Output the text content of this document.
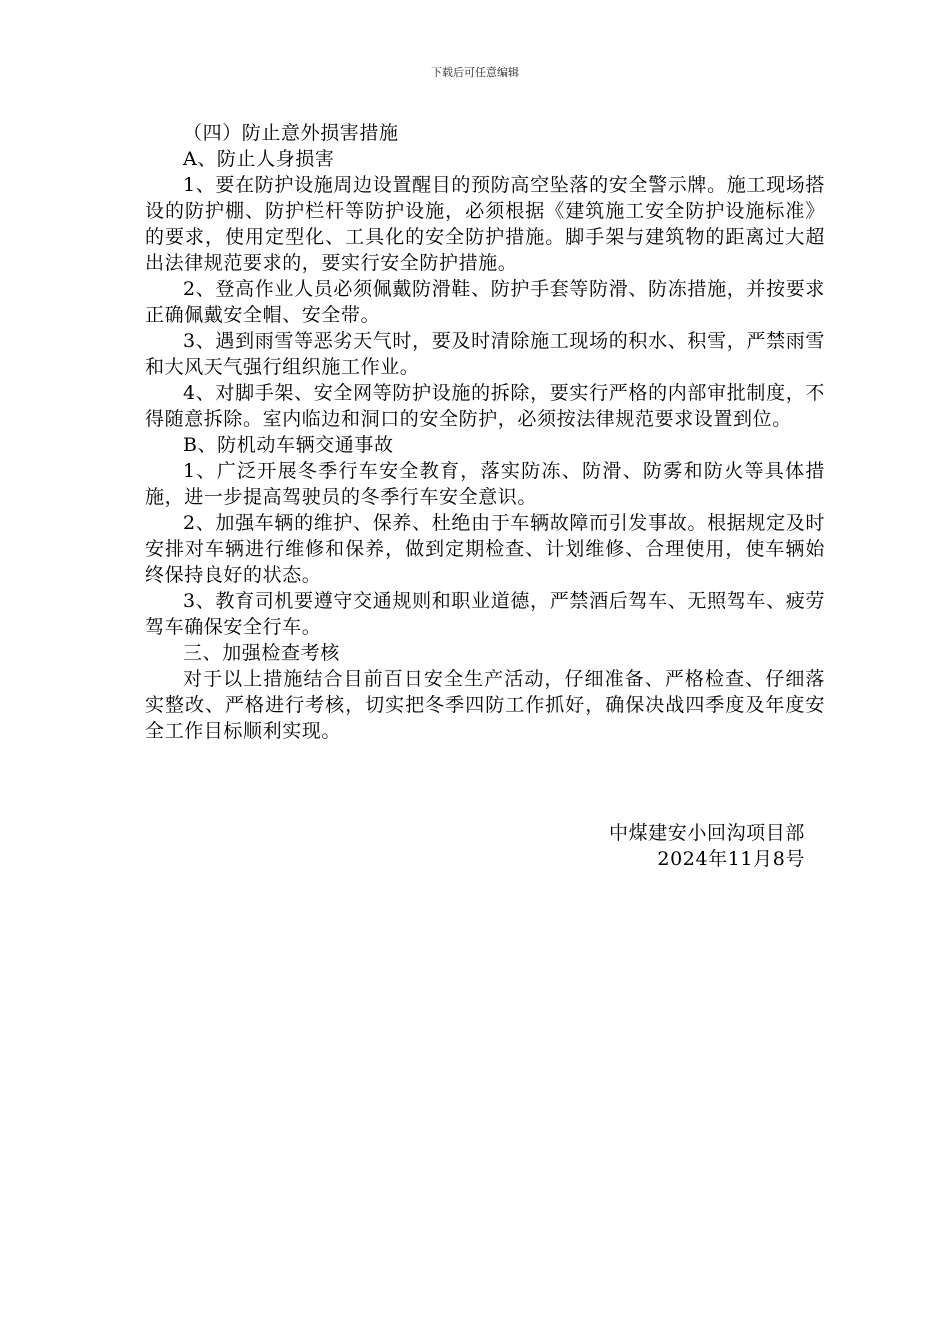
下载后可任意编辑

（四）防止意外损害措施

A、防止人身损害

1、要在防护设施周边设置醒目的预防高空坠落的安全警示牌。施工现场搭设的防护棚、防护栏杆等防护设施，必须根据《建筑施工安全防护设施标准》的要求，使用定型化、工具化的安全防护措施。脚手架与建筑物的距离过大超出法律规范要求的，要实行安全防护措施。

2、登高作业人员必须佩戴防滑鞋、防护手套等防滑、防冻措施，并按要求正确佩戴安全帽、安全带。

3、遇到雨雪等恶劣天气时，要及时清除施工现场的积水、积雪，严禁雨雪和大风天气强行组织施工作业。

4、对脚手架、安全网等防护设施的拆除，要实行严格的内部审批制度，不得随意拆除。室内临边和洞口的安全防护，必须按法律规范要求设置到位。

B、防机动车辆交通事故

1、广泛开展冬季行车安全教育，落实防冻、防滑、防雾和防火等具体措施，进一步提高驾驶员的冬季行车安全意识。

2、加强车辆的维护、保养、杜绝由于车辆故障而引发事故。根据规定及时安排对车辆进行维修和保养，做到定期检查、计划维修、合理使用，使车辆始终保持良好的状态。

3、教育司机要遵守交通规则和职业道德，严禁酒后驾车、无照驾车、疲劳驾车确保安全行车。

三、加强检查考核

对于以上措施结合目前百日安全生产活动，仔细准备、严格检查、仔细落实整改、严格进行考核，切实把冬季四防工作抓好，确保决战四季度及年度安全工作目标顺利实现。

中煤建安小回沟项目部
2024年11月8号
